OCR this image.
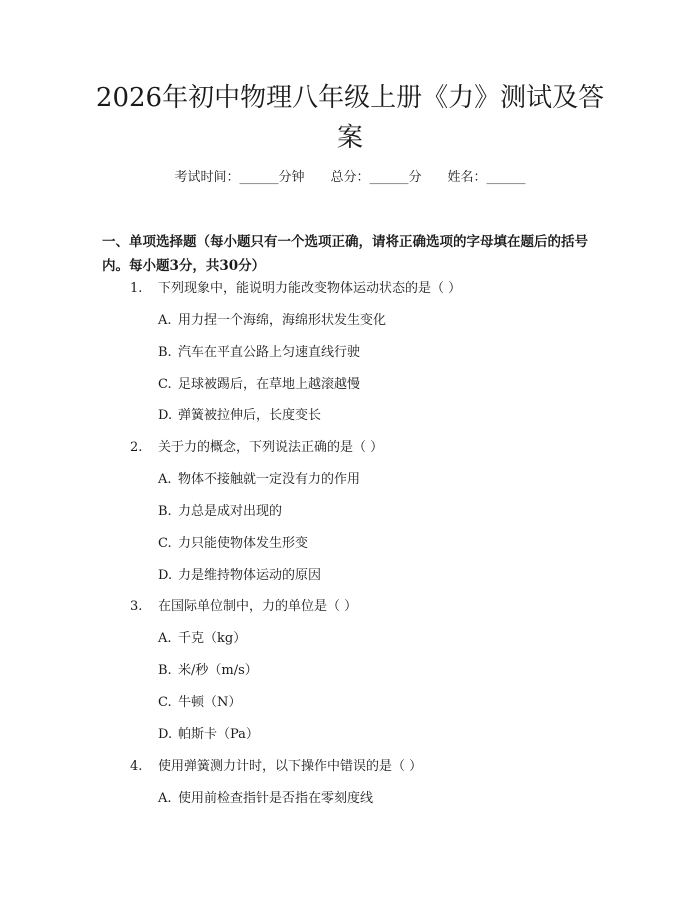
2026年初中物理八年级上册《力》测试及答案
考试时间：______分钟 总分：______分 姓名：______
一、单项选择题（每小题只有一个选项正确，请将正确选项的字母填在题后的括号内。每小题3分，共30分）
1. 下列现象中，能说明力能改变物体运动状态的是（ ）
A. 用力捏一个海绵，海绵形状发生变化
B. 汽车在平直公路上匀速直线行驶
C. 足球被踢后，在草地上越滚越慢
D. 弹簧被拉伸后，长度变长
2. 关于力的概念，下列说法正确的是（ ）
A. 物体不接触就一定没有力的作用
B. 力总是成对出现的
C. 力只能使物体发生形变
D. 力是维持物体运动的原因
3. 在国际单位制中，力的单位是（ ）
A. 千克（kg）
B. 米/秒（m/s）
C. 牛顿（N）
D. 帕斯卡（Pa）
4. 使用弹簧测力计时，以下操作中错误的是（ ）
A. 使用前检查指针是否指在零刻度线
